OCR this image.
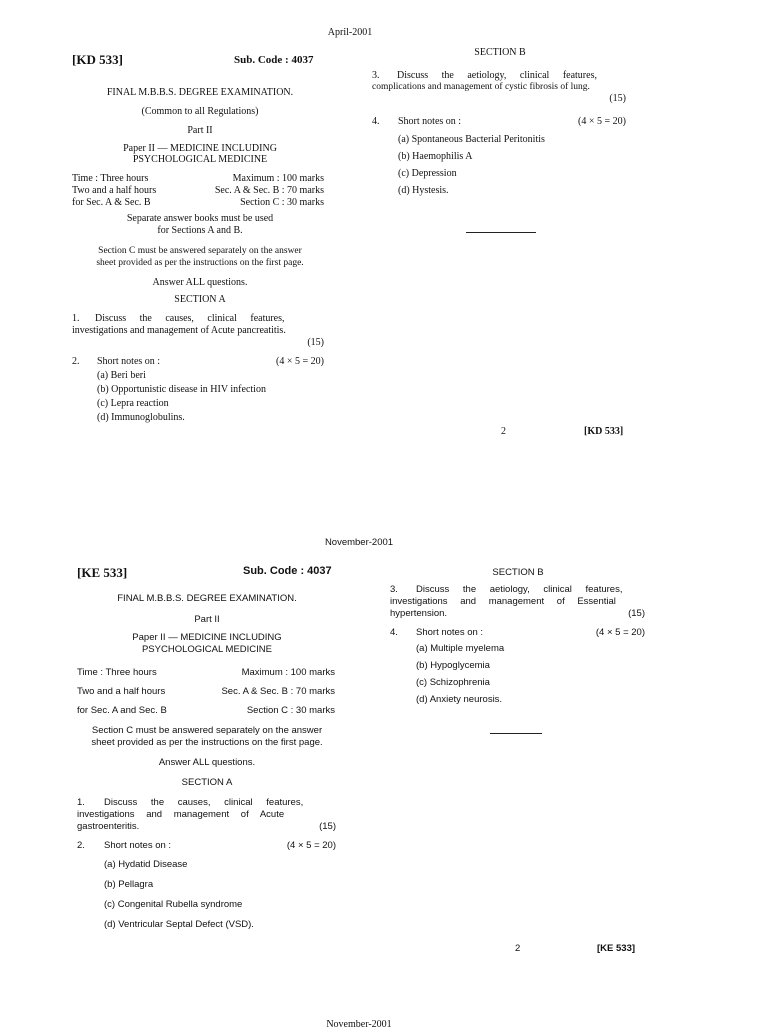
April-2001
[KD 533]	Sub. Code : 4037
FINAL M.B.B.S. DEGREE EXAMINATION.
(Common to all Regulations)
Part II
Paper II — MEDICINE INCLUDING
PSYCHOLOGICAL MEDICINE
Time : Three hours	Maximum : 100 marks
Two and a half hours	Sec. A & Sec. B : 70 marks
for Sec. A & Sec. B	Section C : 30 marks
Separate answer books must be used
for Sections A and B.
Section C must be answered separately on the answer
sheet provided as per the instructions on the first page.
Answer ALL questions.
SECTION A
1. Discuss the causes, clinical features,
investigations and management of Acute pancreatitis.
(15)
2. Short notes on :	(4 × 5 = 20)
(a) Beri beri
(b) Opportunistic disease in HIV infection
(c) Lepra reaction
(d) Immunoglobulins.
SECTION B
3. Discuss the aetiology, clinical features,
complications and management of cystic fibrosis of lung.
(15)
4. Short notes on :	(4 × 5 = 20)
(a) Spontaneous Bacterial Peritonitis
(b) Haemophilis A
(c) Depression
(d) Hystesis.
2	[KD 533]
November-2001
[KE 533]	Sub. Code : 4037
FINAL M.B.B.S. DEGREE EXAMINATION.
Part II
Paper II — MEDICINE INCLUDING
PSYCHOLOGICAL MEDICINE
Time : Three hours	Maximum : 100 marks
Two and a half hours	Sec. A & Sec. B : 70 marks
for Sec. A and Sec. B	Section C : 30 marks
Section C must be answered separately on the answer
sheet provided as per the instructions on the first page.
Answer ALL questions.
SECTION A
1. Discuss the causes, clinical features,
investigations and management of Acute
gastroenteritis.	(15)
2. Short notes on :	(4 × 5 = 20)
(a) Hydatid Disease
(b) Pellagra
(c) Congenital Rubella syndrome
(d) Ventricular Septal Defect (VSD).
SECTION B
3. Discuss the aetiology, clinical features,
investigations and management of Essential
hypertension.	(15)
4. Short notes on :	(4 × 5 = 20)
(a) Multiple myelema
(b) Hypoglycemia
(c) Schizophrenia
(d) Anxiety neurosis.
2	[KE 533]
November-2001
